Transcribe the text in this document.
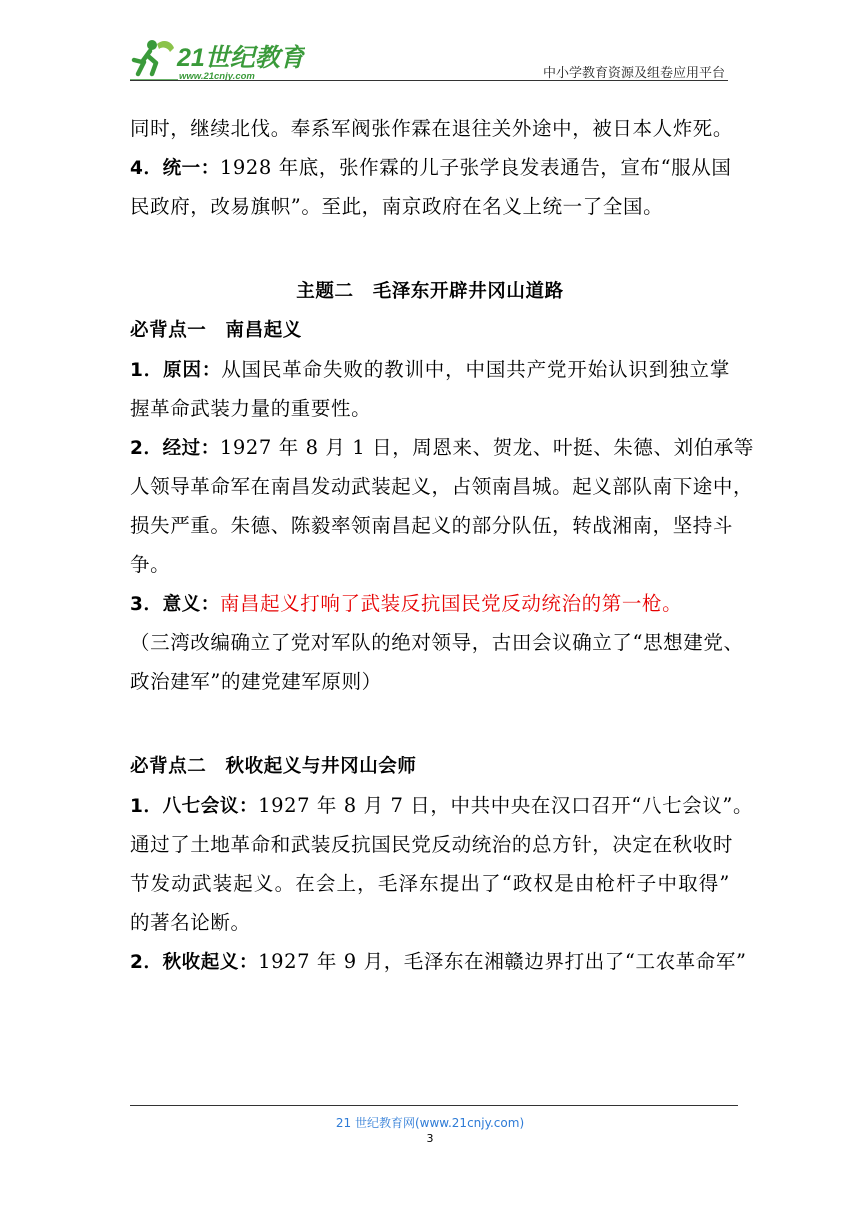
21世纪教育
www.21cnjy.com	中小学教育资源及组卷应用平台
同时，继续北伐。奉系军阀张作霖在退往关外途中，被日本人炸死。
4．统一：1928 年底，张作霖的儿子张学良发表通告，宣布“服从国
民政府，改易旗帜”。至此，南京政府在名义上统一了全国。
主题二　毛泽东开辟井冈山道路
必背点一　南昌起义
1．原因：从国民革命失败的教训中，中国共产党开始认识到独立掌
握革命武装力量的重要性。
2．经过：1927 年 8 月 1 日，周恩来、贺龙、叶挺、朱德、刘伯承等
人领导革命军在南昌发动武装起义，占领南昌城。起义部队南下途中，
损失严重。朱德、陈毅率领南昌起义的部分队伍，转战湘南，坚持斗
争。
3．意义：南昌起义打响了武装反抗国民党反动统治的第一枪。
（三湾改编确立了党对军队的绝对领导，古田会议确立了“思想建党、
政治建军”的建党建军原则）
必背点二　秋收起义与井冈山会师
1．八七会议：1927 年 8 月 7 日，中共中央在汉口召开“八七会议”。
通过了土地革命和武装反抗国民党反动统治的总方针，决定在秋收时
节发动武装起义。在会上，毛泽东提出了“政权是由枪杆子中取得”
的著名论断。
2．秋收起义：1927 年 9 月，毛泽东在湘赣边界打出了“工农革命军”
21 世纪教育网(www.21cnjy.com)
3
